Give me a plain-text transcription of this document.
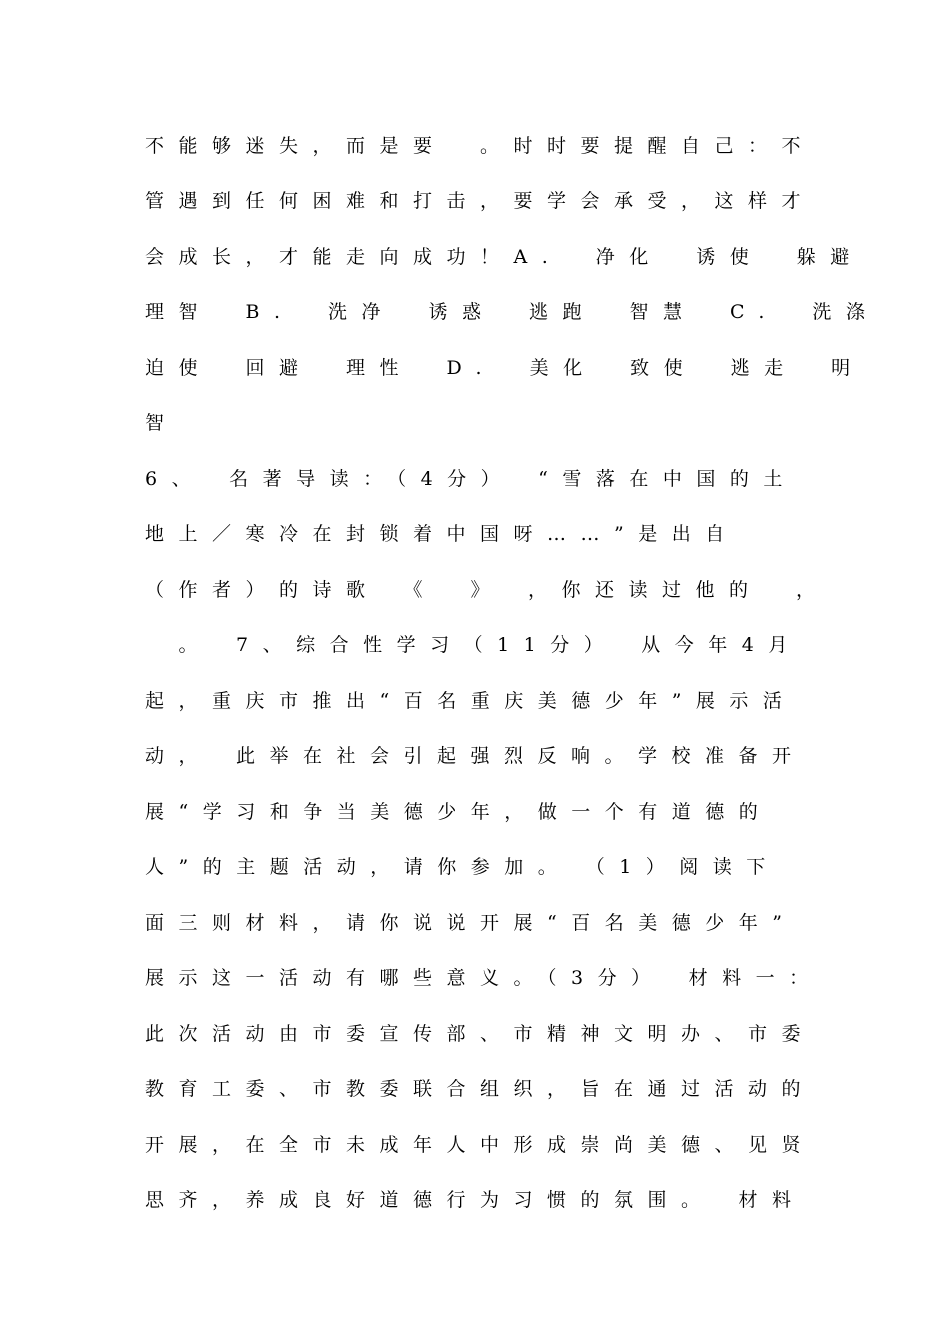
不能够迷失，而是要　。时时要提醒自己：不
管遇到任何困难和打击，要学会承受，这样才
会成长，才能走向成功！A.　净化　诱使　躲避
理智　B.　洗净　诱惑　逃跑　智慧　C.　洗涤
迫使　回避　理性　D.　美化　致使　逃走　明
智
6、　名著导读：（4分）　“雪落在中国的土
地上／寒冷在封锁着中国呀……”是出自
（作者）的诗歌　《　》　，你还读过他的　，
　。　7、综合性学习（11分）　从今年4月
起，重庆市推出“百名重庆美德少年”展示活
动，　此举在社会引起强烈反响。学校准备开
展“学习和争当美德少年，做一个有道德的
人”的主题活动，请你参加。　（1）阅读下
面三则材料，请你说说开展“百名美德少年”
展示这一活动有哪些意义。（3分）　材料一：
此次活动由市委宣传部、市精神文明办、市委
教育工委、市教委联合组织，旨在通过活动的
开展，在全市未成年人中形成崇尚美德、见贤
思齐，养成良好道德行为习惯的氛围。　材料
